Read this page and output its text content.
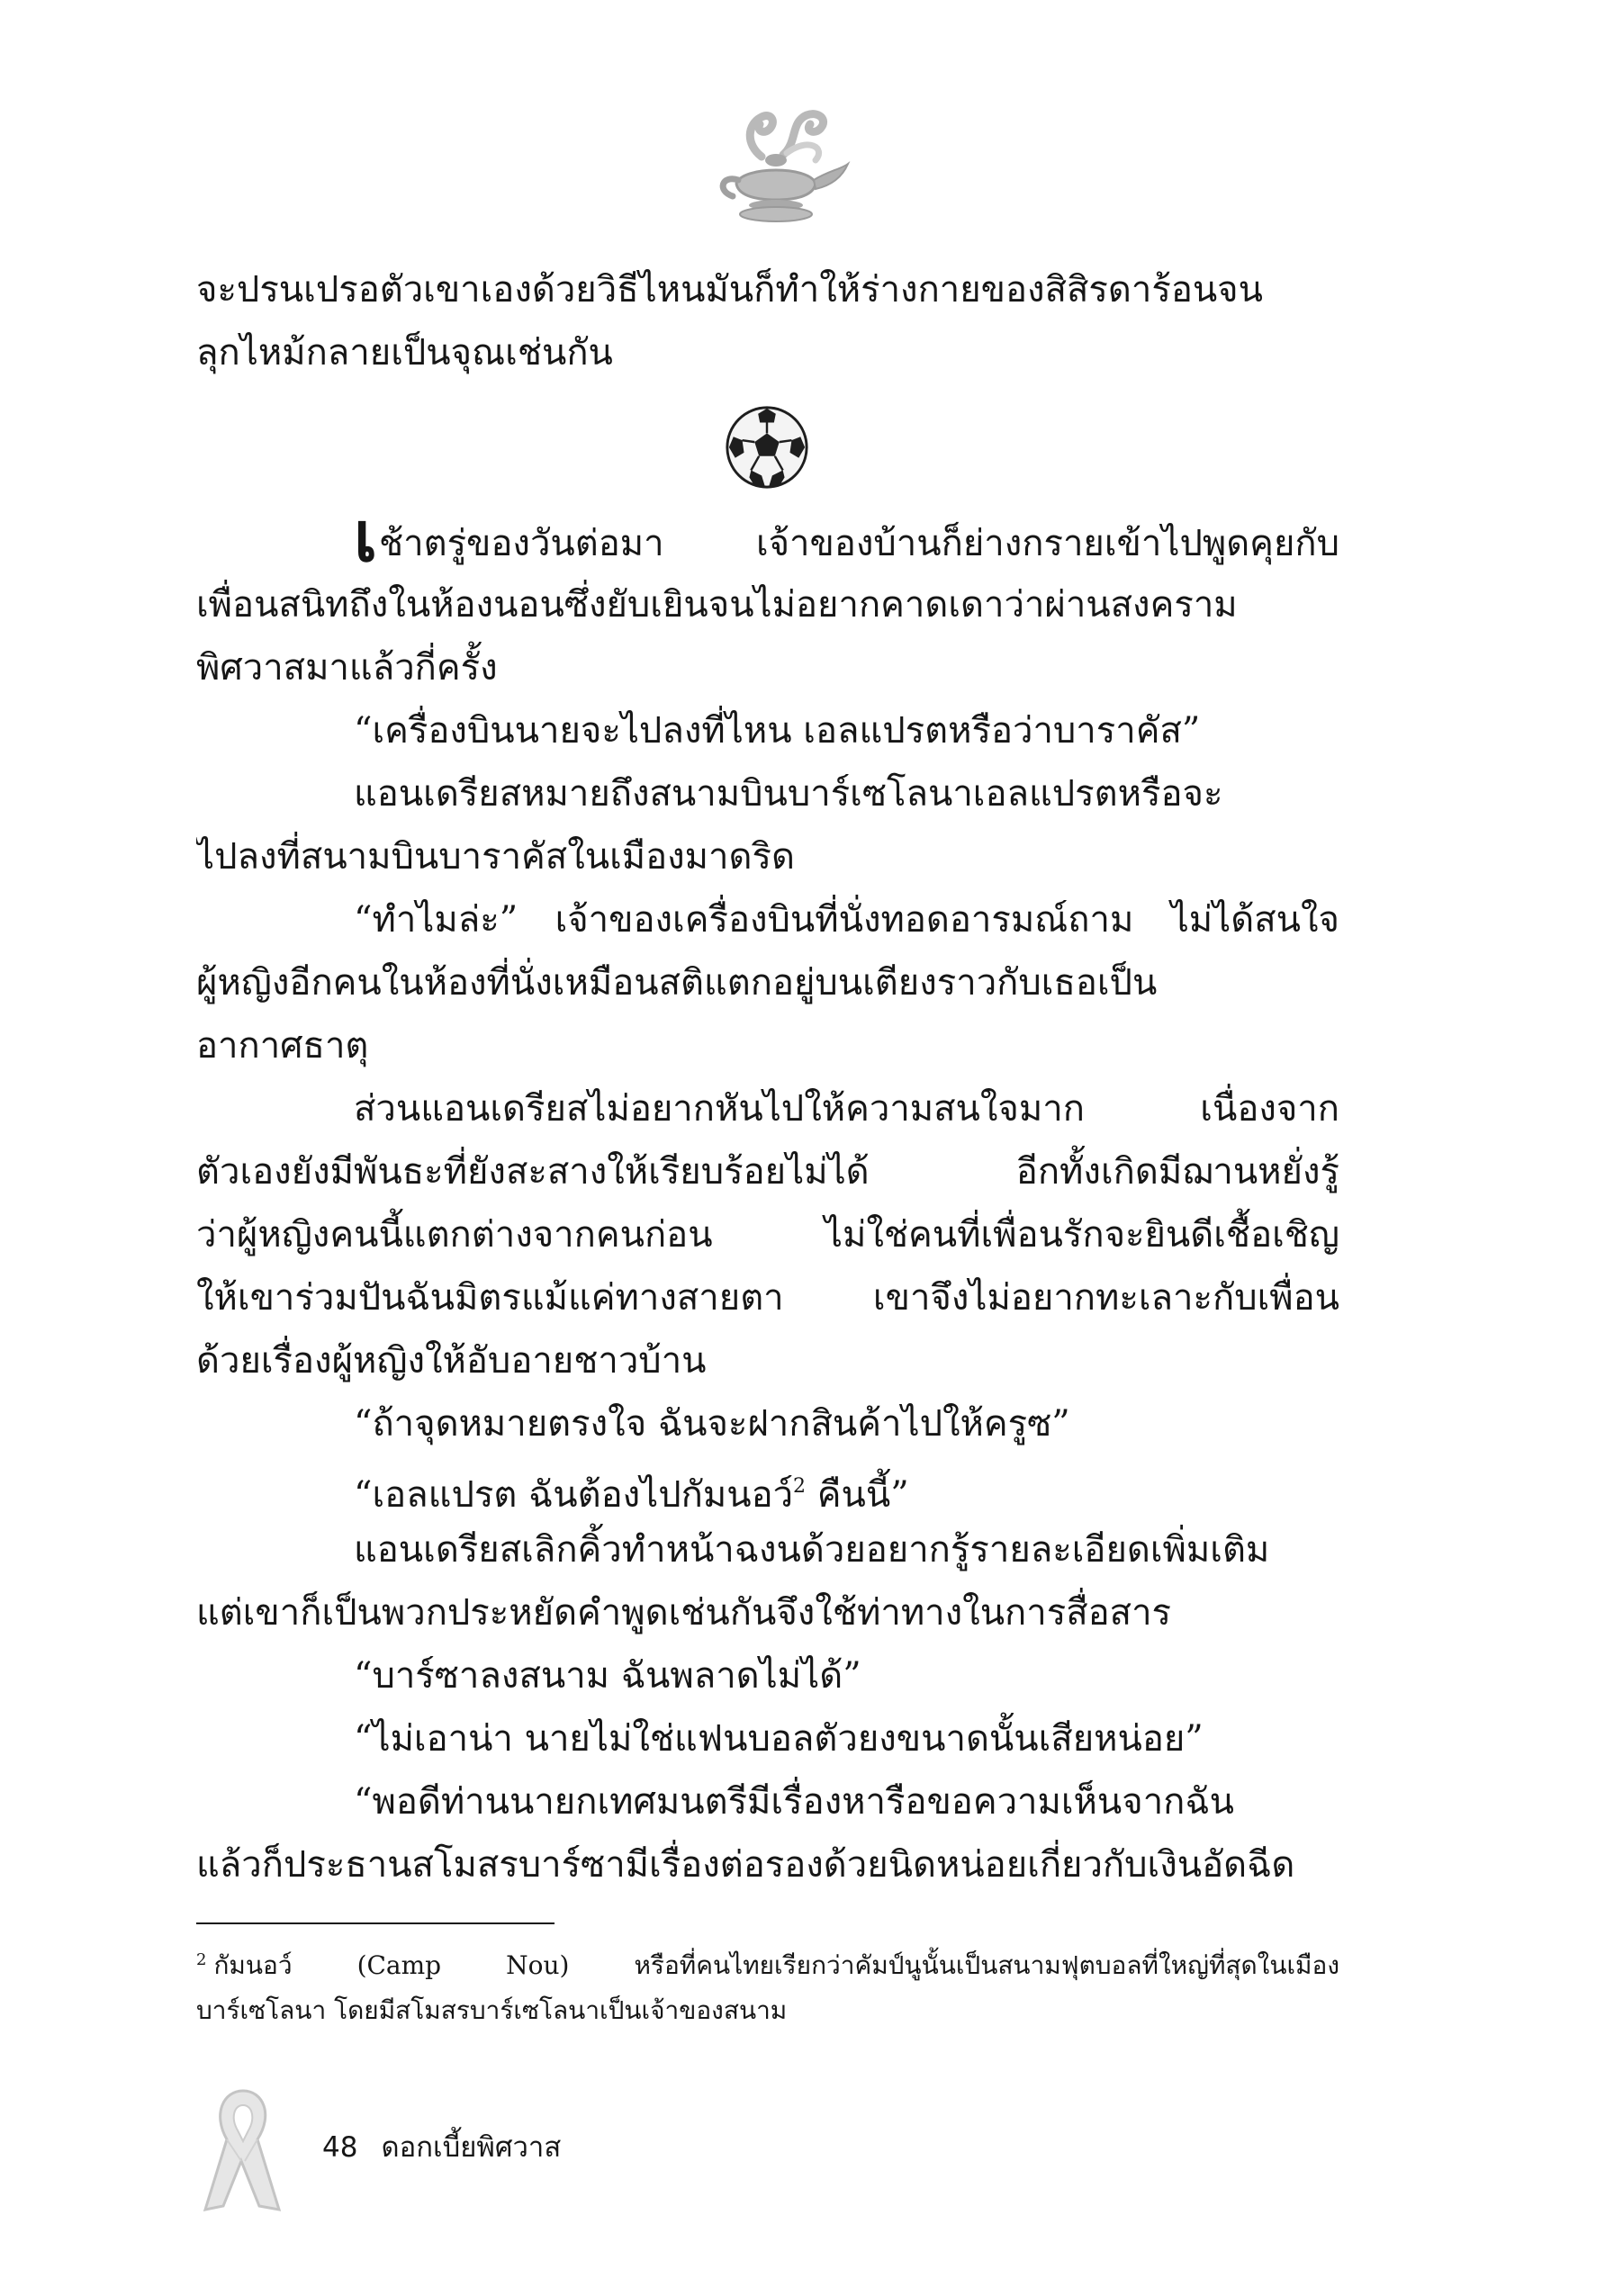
จะปรนเปรอตัวเขาเองด้วยวิธีไหนมันก็ทำให้ร่างกายของสิสิรดาร้อนจน
ลุกไหม้กลายเป็นจุณเช่นกัน
เช้าตรู่ของวันต่อมา เจ้าของบ้านก็ย่างกรายเข้าไปพูดคุยกับ
เพื่อนสนิทถึงในห้องนอนซึ่งยับเยินจนไม่อยากคาดเดาว่าผ่านสงคราม
พิศวาสมาแล้วกี่ครั้ง
“เครื่องบินนายจะไปลงที่ไหน เอลแปรตหรือว่าบาราคัส”
แอนเดรียสหมายถึงสนามบินบาร์เซโลนาเอลแปรตหรือจะ
ไปลงที่สนามบินบาราคัสในเมืองมาดริด
“ทำไมล่ะ” เจ้าของเครื่องบินที่นั่งทอดอารมณ์ถาม ไม่ได้สนใจ
ผู้หญิงอีกคนในห้องที่นั่งเหมือนสติแตกอยู่บนเตียงราวกับเธอเป็น
อากาศธาตุ
ส่วนแอนเดรียสไม่อยากหันไปให้ความสนใจมาก เนื่องจาก
ตัวเองยังมีพันธะที่ยังสะสางให้เรียบร้อยไม่ได้ อีกทั้งเกิดมีฌานหยั่งรู้
ว่าผู้หญิงคนนี้แตกต่างจากคนก่อน ไม่ใช่คนที่เพื่อนรักจะยินดีเชื้อเชิญ
ให้เขาร่วมปันฉันมิตรแม้แค่ทางสายตา เขาจึงไม่อยากทะเลาะกับเพื่อน
ด้วยเรื่องผู้หญิงให้อับอายชาวบ้าน
“ถ้าจุดหมายตรงใจ ฉันจะฝากสินค้าไปให้ครูซ”
“เอลแปรต ฉันต้องไปกัมนอว์$^2$ คืนนี้”
แอนเดรียสเลิกคิ้วทำหน้าฉงนด้วยอยากรู้รายละเอียดเพิ่มเติม
แต่เขาก็เป็นพวกประหยัดคำพูดเช่นกันจึงใช้ท่าทางในการสื่อสาร
“บาร์ซาลงสนาม ฉันพลาดไม่ได้”
“ไม่เอาน่า นายไม่ใช่แฟนบอลตัวยงขนาดนั้นเสียหน่อย”
“พอดีท่านนายกเทศมนตรีมีเรื่องหารือขอความเห็นจากฉัน
แล้วก็ประธานสโมสรบาร์ซามีเรื่องต่อรองด้วยนิดหน่อยเกี่ยวกับเงินอัดฉีด
$^2$ กัมนอว์ (Camp Nou) หรือที่คนไทยเรียกว่าคัมป์นูนั้นเป็นสนามฟุตบอลที่ใหญ่ที่สุดในเมือง
บาร์เซโลนา โดยมีสโมสรบาร์เซโลนาเป็นเจ้าของสนาม
48 ดอกเบี้ยพิศวาส
